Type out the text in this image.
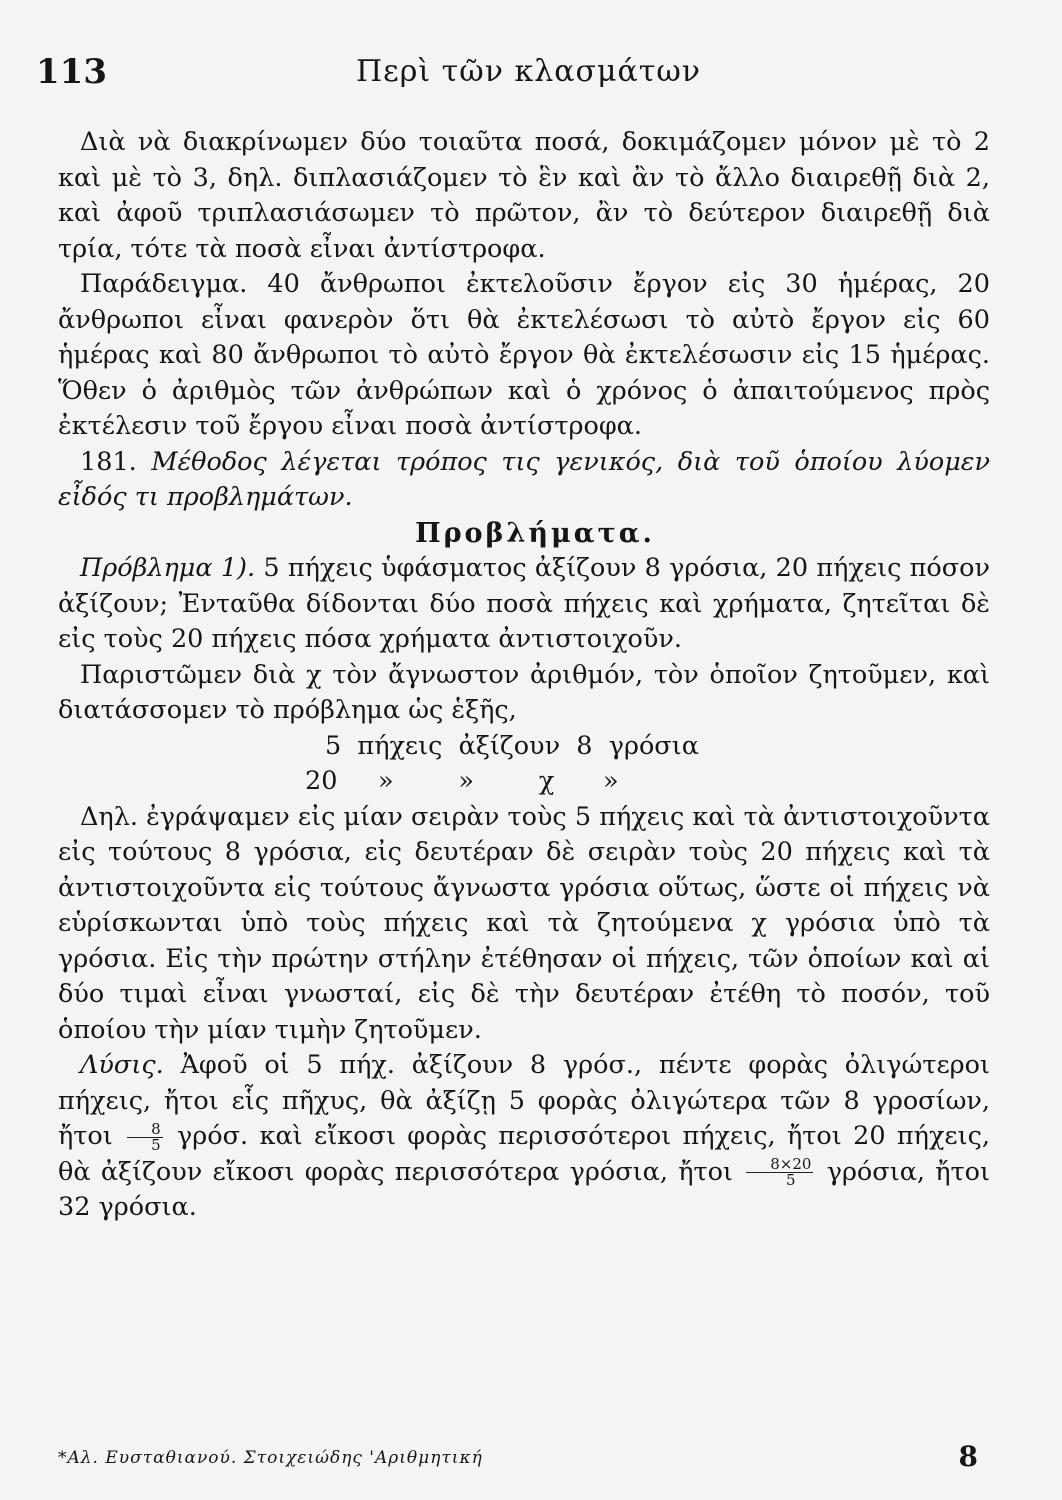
113	Περὶ τῶν κλασμάτων

Διὰ νὰ διακρίνωμεν δύο τοιαῦτα ποσά, δοκιμάζομεν μόνον μὲ τὸ 2 καὶ μὲ τὸ 3, δηλ. διπλασιάζομεν τὸ ἓν καὶ ἂν τὸ ἄλλο διαιρεθῇ διὰ 2, καὶ ἀφοῦ τριπλασιάσωμεν τὸ πρῶτον, ἂν τὸ δεύτερον διαιρεθῇ διὰ τρία, τότε τὰ ποσὰ εἶναι ἀντίστροφα.

Παράδειγμα. 40 ἄνθρωποι ἐκτελοῦσιν ἔργον εἰς 30 ἡμέρας, 20 ἄνθρωποι εἶναι φανερὸν ὅτι θὰ ἐκτελέσωσι τὸ αὐτὸ ἔργον εἰς 60 ἡμέρας καὶ 80 ἄνθρωποι τὸ αὐτὸ ἔργον θὰ ἐκτελέσωσιν εἰς 15 ἡμέρας. Ὅθεν ὁ ἀριθμὸς τῶν ἀνθρώπων καὶ ὁ χρόνος ὁ ἀπαιτούμενος πρὸς ἐκτέλεσιν τοῦ ἔργου εἶναι ποσὰ ἀντίστροφα.

181. Μέθοδος λέγεται τρόπος τις γενικός, διὰ τοῦ ὁποίου λύομεν εἶδός τι προβλημάτων.

Προβλήματα.

Πρόβλημα 1). 5 πήχεις ὑφάσματος ἀξίζουν 8 γρόσια, 20 πήχεις πόσον ἀξίζουν; Ἐνταῦθα δίδονται δύο ποσὰ πήχεις καὶ χρήματα, ζητεῖται δὲ εἰς τοὺς 20 πήχεις πόσα χρήματα ἀντιστοιχοῦν.

Παριστῶμεν διὰ χ τὸν ἄγνωστον ἀριθμόν, τὸν ὁποῖον ζητοῦμεν, καὶ διατάσσομεν τὸ πρόβλημα ὡς ἑξῆς,

5  πήχεις  ἀξίζουν  8  γρόσια

20     »        »        χ      »

Δηλ. ἐγράψαμεν εἰς μίαν σειρὰν τοὺς 5 πήχεις καὶ τὰ ἀντιστοιχοῦντα εἰς τούτους 8 γρόσια, εἰς δευτέραν δὲ σειρὰν τοὺς 20 πήχεις καὶ τὰ ἀντιστοιχοῦντα εἰς τούτους ἄγνωστα γρόσια οὕτως, ὥστε οἱ πήχεις νὰ εὑρίσκωνται ὑπὸ τοὺς πήχεις καὶ τὰ ζητούμενα χ γρόσια ὑπὸ τὰ γρόσια. Εἰς τὴν πρώτην στήλην ἐτέθησαν οἱ πήχεις, τῶν ὁποίων καὶ αἱ δύο τιμαὶ εἶναι γνωσταί, εἰς δὲ τὴν δευτέραν ἐτέθη τὸ ποσόν, τοῦ ὁποίου τὴν μίαν τιμὴν ζητοῦμεν.

Λύσις. Ἀφοῦ οἱ 5 πήχ. ἀξίζουν 8 γρόσ., πέντε φορὰς ὀλιγώτεροι πήχεις, ἤτοι εἷς πῆχυς, θὰ ἀξίζῃ 5 φορὰς ὀλιγώτερα τῶν 8 γροσίων, ἤτοι $\frac{8}{5} \gamma\rho ό\sigma$. καὶ εἴκοσι φορὰς περισσότεροι πήχεις, ἤτοι 20 πήχεις, θὰ ἀξίζουν εἴκοσι φορὰς περισσότερα γρόσια, ἤτοι $\frac{8\times 20}{5} \gamma\rho ό\sigma\iota\alpha$, ἤτοι 32 γρόσια.

*Αλ. Ευσταθιανού. Στοιχειώδης 'Αριθμητική	8
